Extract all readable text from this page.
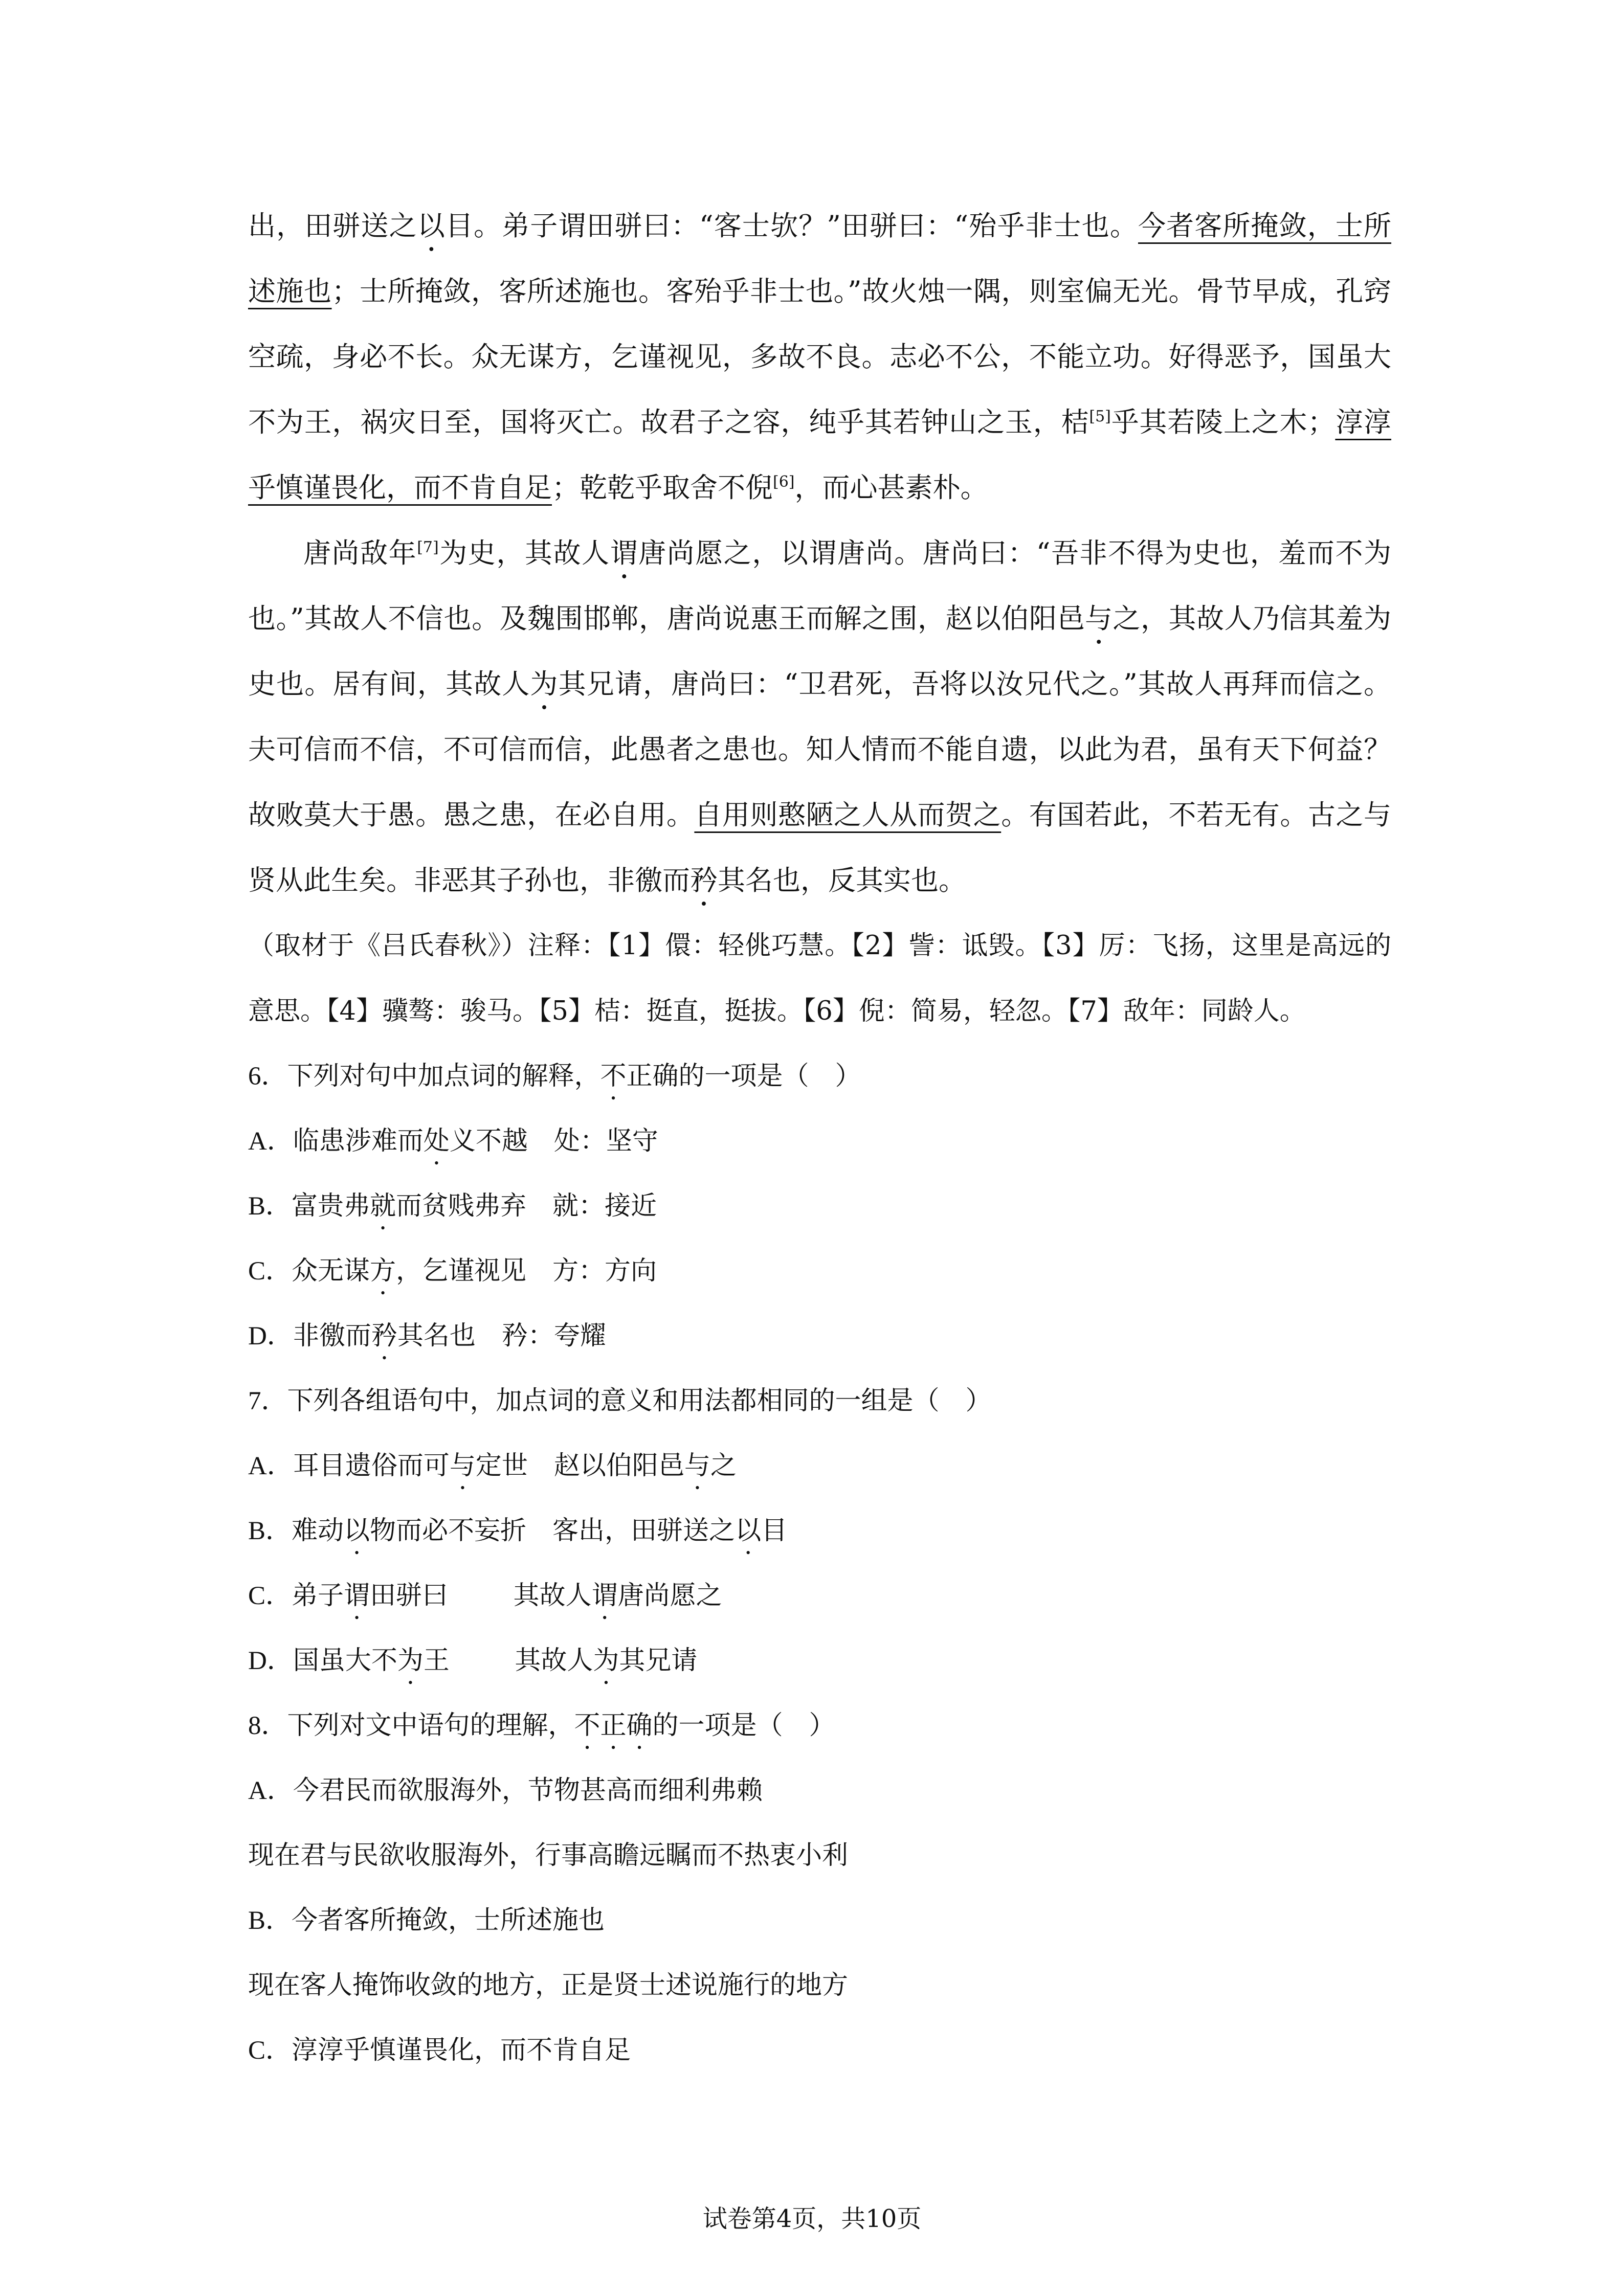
出，田骈送之以目。弟子谓田骈曰：“客士欤？”田骈曰：“殆乎非士也。今者客所掩敛，士所述施也；士所掩敛，客所述施也。客殆乎非士也。”故火烛一隅，则室偏无光。骨节早成，孔窍空疏，身必不长。众无谋方，乞谨视见，多故不良。志必不公，不能立功。好得恶予，国虽大不为王，祸灾日至，国将灭亡。故君子之容，纯乎其若钟山之玉，桔[5]乎其若陵上之木；淳淳乎慎谨畏化，而不肯自足；乾乾乎取舍不倪[6]，而心甚素朴。

唐尚敌年[7]为史，其故人谓唐尚愿之，以谓唐尚。唐尚曰：“吾非不得为史也，羞而不为也。”其故人不信也。及魏围邯郸，唐尚说惠王而解之围，赵以伯阳邑与之，其故人乃信其羞为史也。居有间，其故人为其兄请，唐尚曰：“卫君死，吾将以汝兄代之。”其故人再拜而信之。夫可信而不信，不可信而信，此愚者之患也。知人情而不能自遗，以此为君，虽有天下何益？故败莫大于愚。愚之患，在必自用。自用则憨陋之人从而贺之。有国若此，不若无有。古之与贤从此生矣。非恶其子孙也，非徼而矜其名也，反其实也。

（取材于《吕氏春秋》）注释：【1】儇：轻佻巧慧。【2】訾：诋毁。【3】厉：飞扬，这里是高远的意思。【4】骥骜：骏马。【5】桔：挺直，挺拔。【6】倪：简易，轻忽。【7】敌年：同龄人。

6．下列对句中加点词的解释，不正确的一项是（    ）

A．临患涉难而处义不越    处：坚守

B．富贵弗就而贫贱弗弃    就：接近

C．众无谋方，乞谨视见    方：方向

D．非徼而矜其名也    矜：夸耀

7．下列各组语句中，加点词的意义和用法都相同的一组是（    ）

A．耳目遗俗而可与定世    赵以伯阳邑与之

B．难动以物而必不妄折    客出，田骈送之以目

C．弟子谓田骈曰          其故人谓唐尚愿之

D．国虽大不为王          其故人为其兄请

8．下列对文中语句的理解，不正确的一项是（    ）

A．今君民而欲服海外，节物甚高而细利弗赖

现在君与民欲收服海外，行事高瞻远瞩而不热衷小利

B．今者客所掩敛，士所述施也

现在客人掩饰收敛的地方，正是贤士述说施行的地方

C．淳淳乎慎谨畏化，而不肯自足

试卷第4页，共10页
